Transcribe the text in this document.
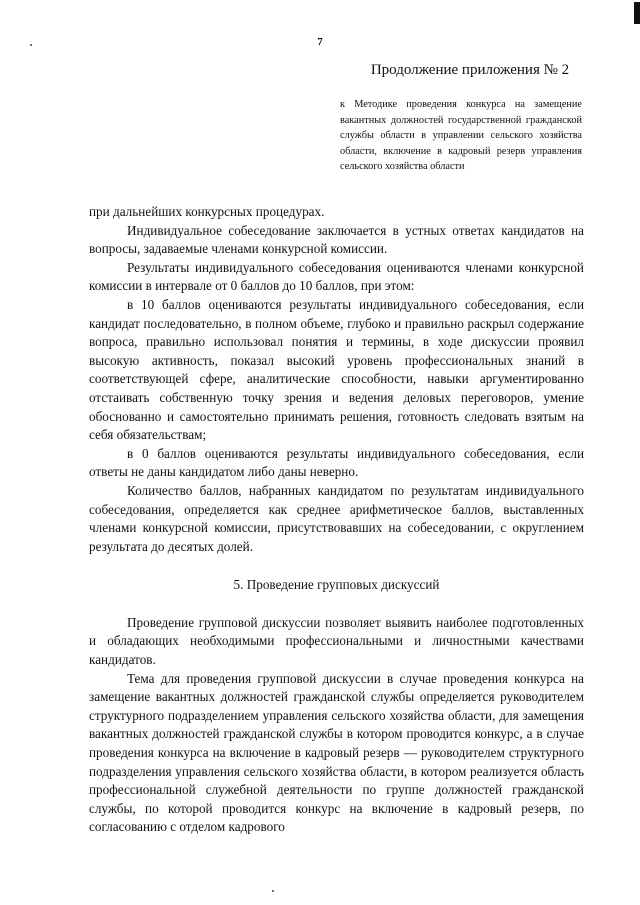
7
Продолжение приложения № 2
к Методике проведения конкурса на замещение вакантных должностей государственной гражданской службы области в управлении сельского хозяйства области, включение в кадровый резерв управления сельского хозяйства области

при дальнейших конкурсных процедурах.

Индивидуальное собеседование заключается в устных ответах кандидатов на вопросы, задаваемые членами конкурсной комиссии.

Результаты индивидуального собеседования оцениваются членами конкурсной комиссии в интервале от 0 баллов до 10 баллов, при этом:

в 10 баллов оцениваются результаты индивидуального собеседования, если кандидат последовательно, в полном объеме, глубоко и правильно раскрыл содержание вопроса, правильно использовал понятия и термины, в ходе дискуссии проявил высокую активность, показал высокий уровень профессиональных знаний в соответствующей сфере, аналитические способности, навыки аргументированно отстаивать собственную точку зрения и ведения деловых переговоров, умение обоснованно и самостоятельно принимать решения, готовность следовать взятым на себя обязательствам;

в 0 баллов оцениваются результаты индивидуального собеседования, если ответы не даны кандидатом либо даны неверно.

Количество баллов, набранных кандидатом по результатам индивидуального собеседования, определяется как среднее арифметическое баллов, выставленных членами конкурсной комиссии, присутствовавших на собеседовании, с округлением результата до десятых долей.

5. Проведение групповых дискуссий

Проведение групповой дискуссии позволяет выявить наиболее подготовленных и обладающих необходимыми профессиональными и личностными качествами кандидатов.

Тема для проведения групповой дискуссии в случае проведения конкурса на замещение вакантных должностей гражданской службы определяется руководителем структурного подразделением управления сельского хозяйства области, для замещения вакантных должностей гражданской службы в котором проводится конкурс, а в случае проведения конкурса на включение в кадровый резерв — руководителем структурного подразделения управления сельского хозяйства области, в котором реализуется область профессиональной служебной деятельности по группе должностей гражданской службы, по которой проводится конкурс на включение в кадровый резерв, по согласованию с отделом кадрового
